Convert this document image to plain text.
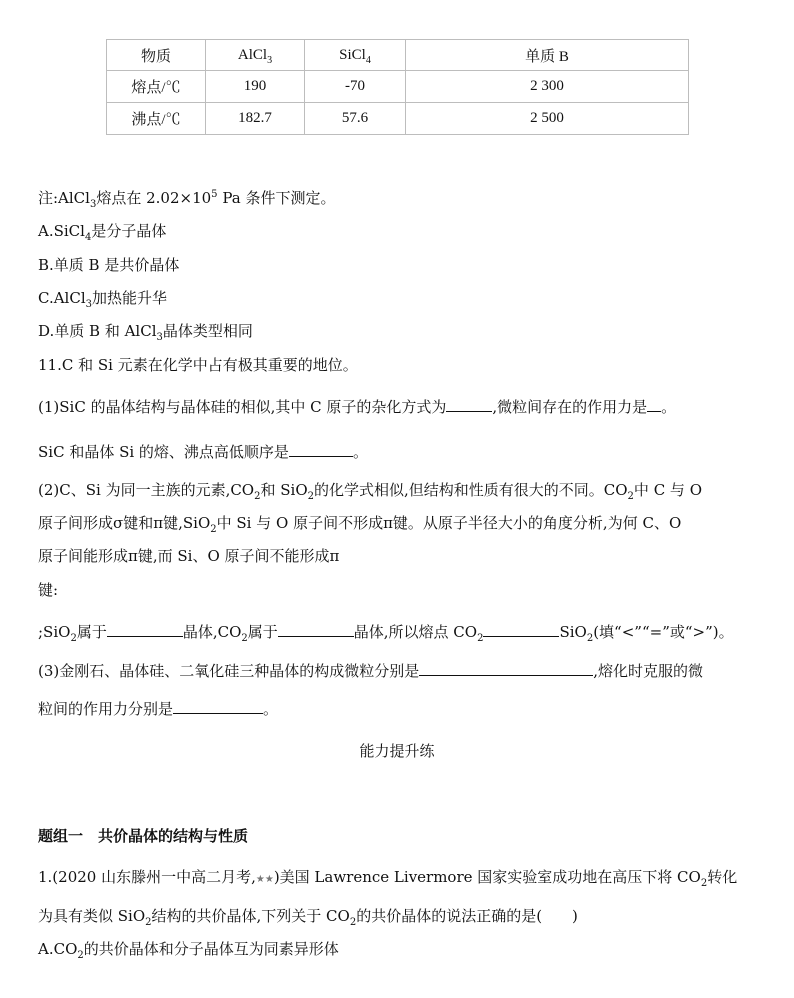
物质	AlCl$_3$	SiCl$_4$	单质 B
熔点/℃	190	-70	2 300
沸点/℃	182.7	57.6	2 500
注:AlCl$_3$熔点在 $2.02\times 10^5$ Pa 条件下测定。
A.SiCl$_4$是分子晶体
B.单质 B 是共价晶体
C.AlCl$_3$加热能升华
D.单质 B 和 AlCl$_3$晶体类型相同
11.C 和 Si 元素在化学中占有极其重要的地位。
(1)SiC 的晶体结构与晶体硅的相似,其中 C 原子的杂化方式为	,微粒间存在的作用力是 。
SiC 和晶体 Si 的熔、沸点高低顺序是	。
(2)C、Si 为同一主族的元素$,CO_2$和 SiO$_2$的化学式相似,但结构和性质有很大的不同。$CO_2$中 C 与 O
原子间形成σ键和π键,SiO$_2$中 Si 与 O 原子间不形成π键。从原子半径大小的角度分析,为何 C、O
原子间能形成π键,而 Si、O 原子间不能形成π
键:
;SiO$_2$属于	晶体$,CO_2$属于	晶体,所以熔点 $CO_2$	SiO$_2$(填“<”“=”或“>”)。
(3)金刚石、晶体硅、二氧化硅三种晶体的构成微粒分别是	,熔化时克服的微
粒间的作用力分别是	。
能力提升练
题组一　共价晶体的结构与性质
1.(2020 山东滕州一中高二月考,★★)美国 Lawrence Livermore 国家实验室成功地在高压下将 $CO_2$转化
为具有类似 SiO$_2$结构的共价晶体,下列关于 $CO_2$的共价晶体的说法正确的是(　　)
$A.CO_2$的共价晶体和分子晶体互为同素异形体
